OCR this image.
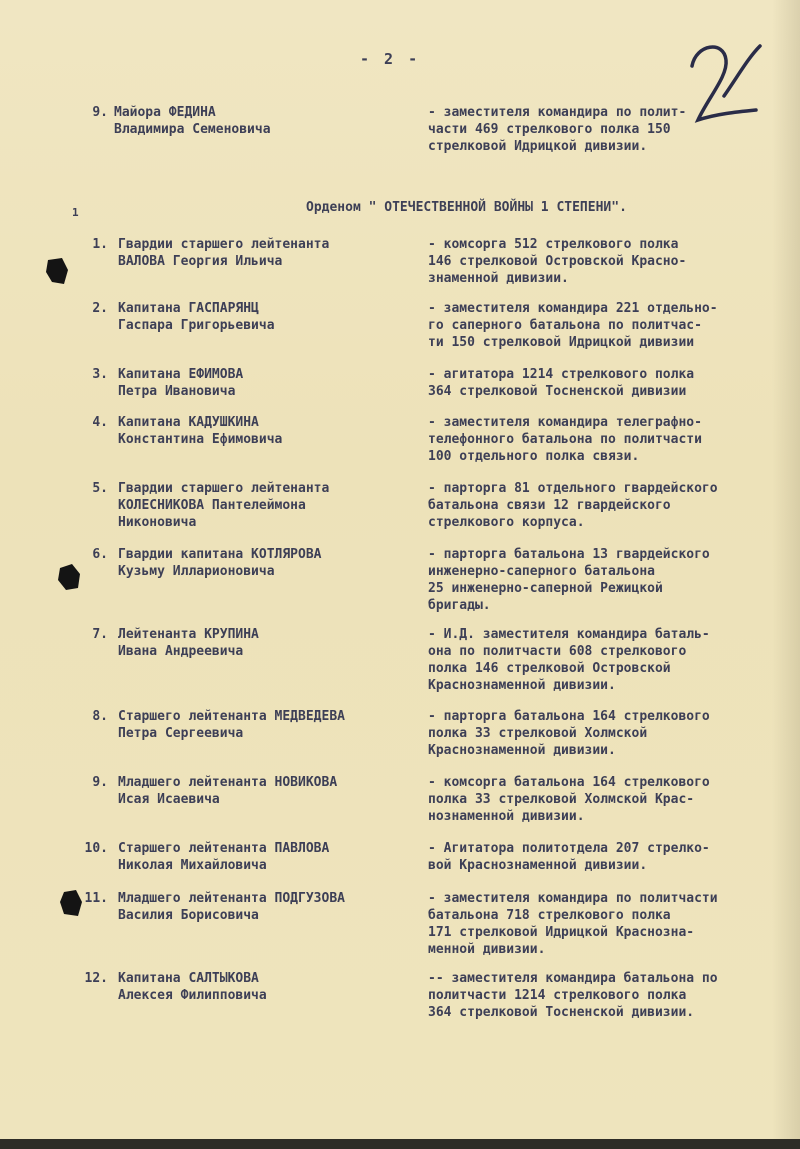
- 2 -
9. Майора ФЕДИНА
Владимира Семеновича
- заместителя командира по полит-
части 469 стрелкового полка 150
стрелковой Идрицкой дивизии.
1	Орденом " ОТЕЧЕСТВЕННОЙ ВОЙНЫ 1 СТЕПЕНИ".
1. Гвардии старшего лейтенанта
ВАЛОВА Георгия Ильича
- комсорга 512 стрелкового полка
146 стрелковой Островской Красно-
знаменной дивизии.
2. Капитана ГАСПАРЯНЦ
Гаспара Григорьевича
- заместителя командира 221 отдельно-
го саперного батальона по политчас-
ти 150 стрелковой Идрицкой дивизии
3. Капитана ЕФИМОВА
Петра Ивановича
- агитатора 1214 стрелкового полка
364 стрелковой Тосненской дивизии
4. Капитана КАДУШКИНА
Константина Ефимовича
- заместителя командира телеграфно-
телефонного батальона по политчасти
100 отдельного полка связи.
5. Гвардии старшего лейтенанта
КОЛЕСНИКОВА Пантелеймона
Никоновича
- парторга 81 отдельного гвардейского
батальона связи 12 гвардейского
стрелкового корпуса.
6. Гвардии капитана КОТЛЯРОВА
Кузьму Илларионовича
- парторга батальона 13 гвардейского
инженерно-саперного батальона
25 инженерно-саперной Режицкой
бригады.
7. Лейтенанта КРУПИНА
Ивана Андреевича
- И.Д. заместителя командира баталь-
она по политчасти 608 стрелкового
полка 146 стрелковой Островской
Краснознаменной дивизии.
8. Старшего лейтенанта МЕДВЕДЕВА
Петра Сергеевича
- парторга батальона 164 стрелкового
полка 33 стрелковой Холмской
Краснознаменной дивизии.
9. Младшего лейтенанта НОВИКОВА
Исая Исаевича
- комсорга батальона 164 стрелкового
полка 33 стрелковой Холмской Крас-
нознаменной дивизии.
10. Старшего лейтенанта ПАВЛОВА
Николая Михайловича
- Агитатора политотдела 207 стрелко-
вой Краснознаменной дивизии.
11. Младшего лейтенанта ПОДГУЗОВА
Василия Борисовича
- заместителя командира по политчасти
батальона 718 стрелкового полка
171 стрелковой Идрицкой Краснозна-
менной дивизии.
12. Капитана САЛТЫКОВА
Алексея Филипповича
-- заместителя командира батальона по
политчасти 1214 стрелкового полка
364 стрелковой Тосненской дивизии.
